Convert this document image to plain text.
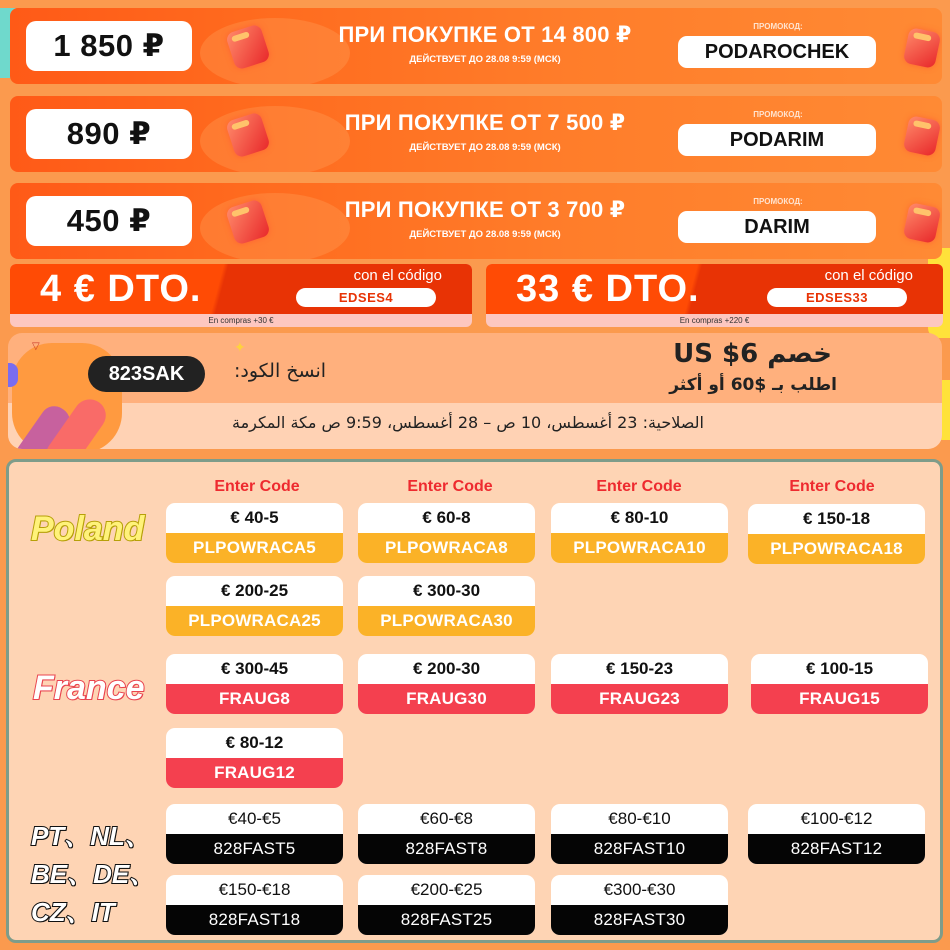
1 850 ₽	ПРИ ПОКУПКЕ ОТ 14 800 ₽
ДЕЙСТВУЕТ ДО 28.08 9:59 (МСК)
ПРОМОКОД:
PODAROCHEK
890 ₽	ПРИ ПОКУПКЕ ОТ 7 500 ₽
ДЕЙСТВУЕТ ДО 28.08 9:59 (МСК)
ПРОМОКОД:
PODARIM
450 ₽	ПРИ ПОКУПКЕ ОТ 3 700 ₽
ДЕЙСТВУЕТ ДО 28.08 9:59 (МСК)
ПРОМОКОД:
DARIM
4 € DTO.	con el código
EDSES4
En compras +30 €
33 € DTO.	con el código
EDSES33
En compras +220 €
▽	✦
823SAK	انسخ الكود:
خصم US $6
اطلب بـ $60 أو أكثر
الصلاحية: 23 أغسطس، 10 ص – 28 أغسطس، 9:59 ص مكة المكرمة
Enter Code	Enter Code	Enter Code	Enter Code
Poland	€ 40-5
PLPOWRACA5
€ 60-8
PLPOWRACA8
€ 80-10
PLPOWRACA10
€ 150-18
PLPOWRACA18
€ 200-25
PLPOWRACA25
€ 300-30
PLPOWRACA30
France
€ 300-45
FRAUG8
€ 200-30
FRAUG30
€ 150-23
FRAUG23
€ 100-15
FRAUG15
€ 80-12
FRAUG12
PT、NL、
BE、DE、
CZ、IT
€40-€5
828FAST5
€60-€8
828FAST8
€80-€10
828FAST10
€100-€12
828FAST12
€150-€18
828FAST18
€200-€25
828FAST25
€300-€30
828FAST30
